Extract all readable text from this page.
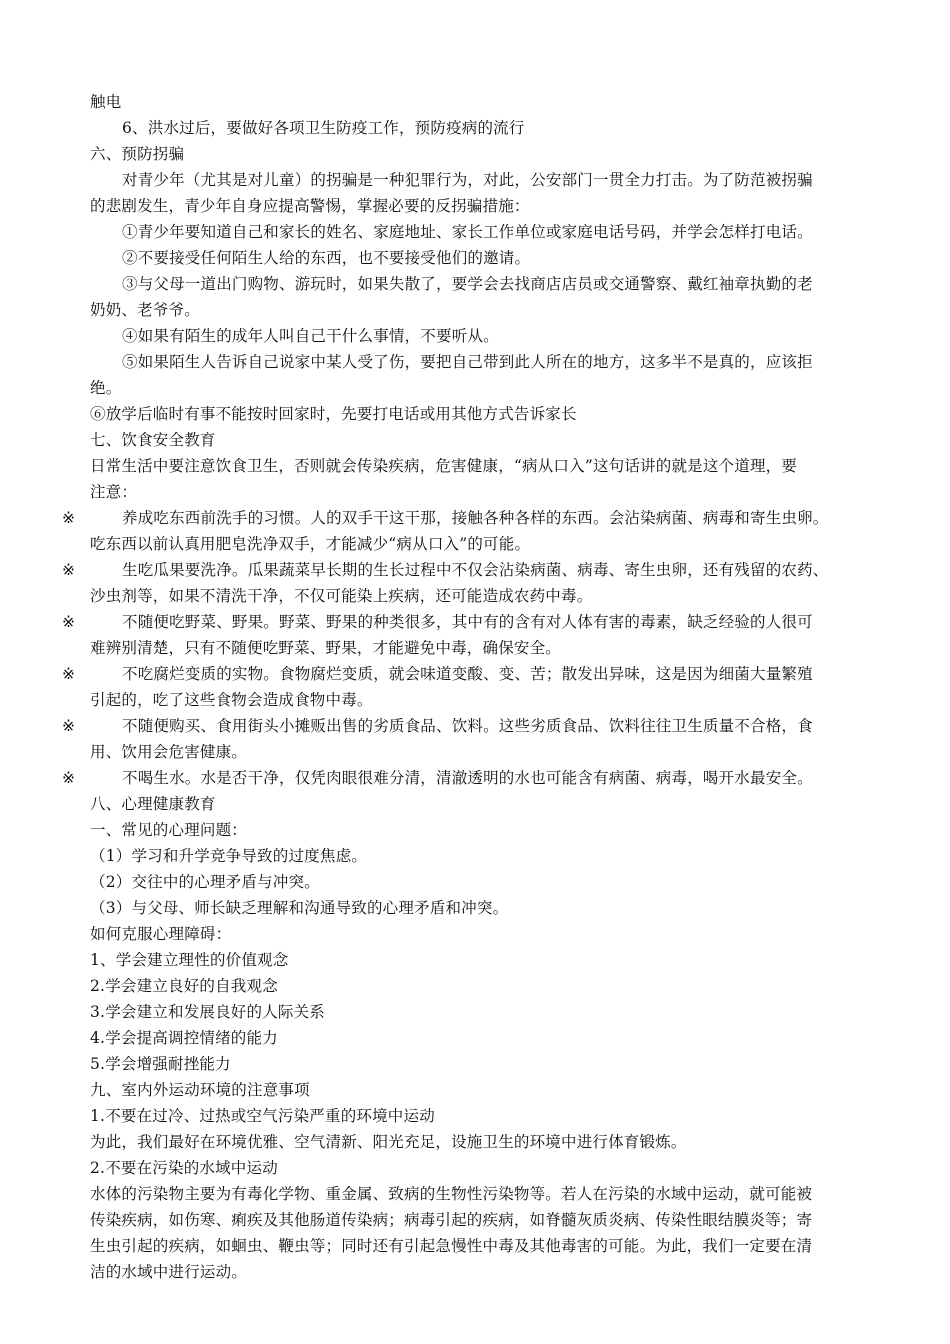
触电
6、洪水过后，要做好各项卫生防疫工作，预防疫病的流行
六、预防拐骗
对青少年（尤其是对儿童）的拐骗是一种犯罪行为，对此，公安部门一贯全力打击。为了防范被拐骗
的悲剧发生，青少年自身应提高警惕，掌握必要的反拐骗措施：
①青少年要知道自己和家长的姓名、家庭地址、家长工作单位或家庭电话号码，并学会怎样打电话。
②不要接受任何陌生人给的东西，也不要接受他们的邀请。
③与父母一道出门购物、游玩时，如果失散了，要学会去找商店店员或交通警察、戴红袖章执勤的老
奶奶、老爷爷。
④如果有陌生的成年人叫自己干什么事情，不要听从。
⑤如果陌生人告诉自己说家中某人受了伤，要把自己带到此人所在的地方，这多半不是真的，应该拒
绝。
⑥放学后临时有事不能按时回家时，先要打电话或用其他方式告诉家长
七、饮食安全教育
日常生活中要注意饮食卫生，否则就会传染疾病，危害健康，“病从口入”这句话讲的就是这个道理，要
注意：
※	养成吃东西前洗手的习惯。人的双手干这干那，接触各种各样的东西。会沾染病菌、病毒和寄生虫卵。
吃东西以前认真用肥皂洗净双手，才能减少“病从口入”的可能。
※	生吃瓜果要洗净。瓜果蔬菜早长期的生长过程中不仅会沾染病菌、病毒、寄生虫卵，还有残留的农药、
沙虫剂等，如果不清洗干净，不仅可能染上疾病，还可能造成农药中毒。
※	不随便吃野菜、野果。野菜、野果的种类很多，其中有的含有对人体有害的毒素，缺乏经验的人很可
难辨别清楚，只有不随便吃野菜、野果，才能避免中毒，确保安全。
※	不吃腐烂变质的实物。食物腐烂变质，就会味道变酸、变、苦；散发出异味，这是因为细菌大量繁殖
引起的，吃了这些食物会造成食物中毒。
※	不随便购买、食用街头小摊贩出售的劣质食品、饮料。这些劣质食品、饮料往往卫生质量不合格，食
用、饮用会危害健康。
※	不喝生水。水是否干净，仅凭肉眼很难分清，清澈透明的水也可能含有病菌、病毒，喝开水最安全。
八、心理健康教育
一、常见的心理问题：
（1）学习和升学竞争导致的过度焦虑。
（2）交往中的心理矛盾与冲突。
（3）与父母、师长缺乏理解和沟通导致的心理矛盾和冲突。
如何克服心理障碍：
1、学会建立理性的价值观念
2.学会建立良好的自我观念
3.学会建立和发展良好的人际关系
4.学会提高调控情绪的能力
5.学会增强耐挫能力
九、室内外运动环境的注意事项
1.不要在过冷、过热或空气污染严重的环境中运动
为此，我们最好在环境优雅、空气清新、阳光充足，设施卫生的环境中进行体育锻炼。
2.不要在污染的水域中运动
水体的污染物主要为有毒化学物、重金属、致病的生物性污染物等。若人在污染的水域中运动，就可能被
传染疾病，如伤寒、痢疾及其他肠道传染病；病毒引起的疾病，如脊髓灰质炎病、传染性眼结膜炎等；寄
生虫引起的疾病，如蛔虫、鞭虫等；同时还有引起急慢性中毒及其他毒害的可能。为此，我们一定要在清
洁的水域中进行运动。
